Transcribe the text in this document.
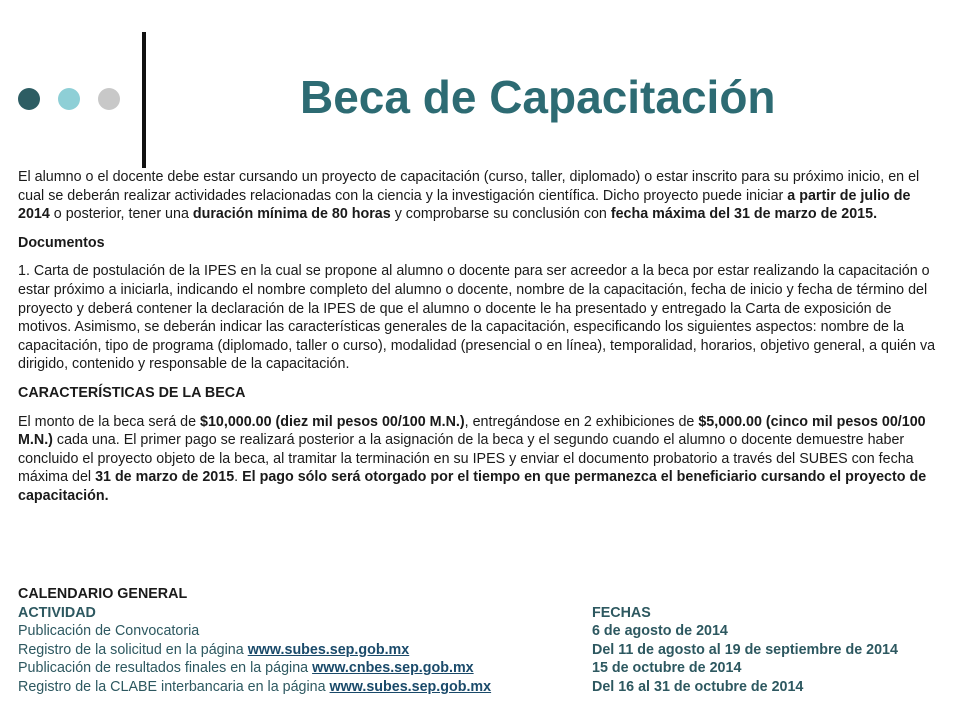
Beca de Capacitación

El alumno o el docente debe estar cursando un proyecto de capacitación (curso, taller, diplomado) o estar inscrito para su próximo inicio, en el cual se deberán realizar actividades relacionadas con la ciencia y la investigación científica. Dicho proyecto puede iniciar a partir de julio de 2014 o posterior, tener una duración mínima de 80 horas y comprobarse su conclusión con fecha máxima del 31 de marzo de 2015.

Documentos

1. Carta de postulación de la IPES en la cual se propone al alumno o docente para ser acreedor a la beca por estar realizando la capacitación o estar próximo a iniciarla, indicando el nombre completo del alumno o docente, nombre de la capacitación, fecha de inicio y fecha de término del proyecto y deberá contener la declaración de la IPES de que el alumno o docente le ha presentado y entregado la Carta de exposición de motivos. Asimismo, se deberán indicar las características generales de la capacitación, especificando los siguientes aspectos: nombre de la capacitación, tipo de programa (diplomado, taller o curso), modalidad (presencial o en línea), temporalidad, horarios, objetivo general, a quién va dirigido, contenido y responsable de la capacitación.

CARACTERÍSTICAS DE LA BECA

El monto de la beca será de $10,000.00 (diez mil pesos 00/100 M.N.), entregándose en 2 exhibiciones de $5,000.00 (cinco mil pesos 00/100 M.N.) cada una. El primer pago se realizará posterior a la asignación de la beca y el segundo cuando el alumno o docente demuestre haber concluido el proyecto objeto de la beca, al tramitar la terminación en su IPES y enviar el documento probatorio a través del SUBES con fecha máxima del 31 de marzo de 2015. El pago sólo será otorgado por el tiempo en que permanezca el beneficiario cursando el proyecto de capacitación.

CALENDARIO GENERAL
ACTIVIDAD	FECHAS
Publicación de Convocatoria	6 de agosto de 2014
Registro de la solicitud en la página www.subes.sep.gob.mx	Del 11 de agosto al 19 de septiembre de 2014
Publicación de resultados finales en la página www.cnbes.sep.gob.mx	15 de octubre de 2014
Registro de la CLABE interbancaria en la página www.subes.sep.gob.mx	Del 16 al 31 de octubre de 2014
